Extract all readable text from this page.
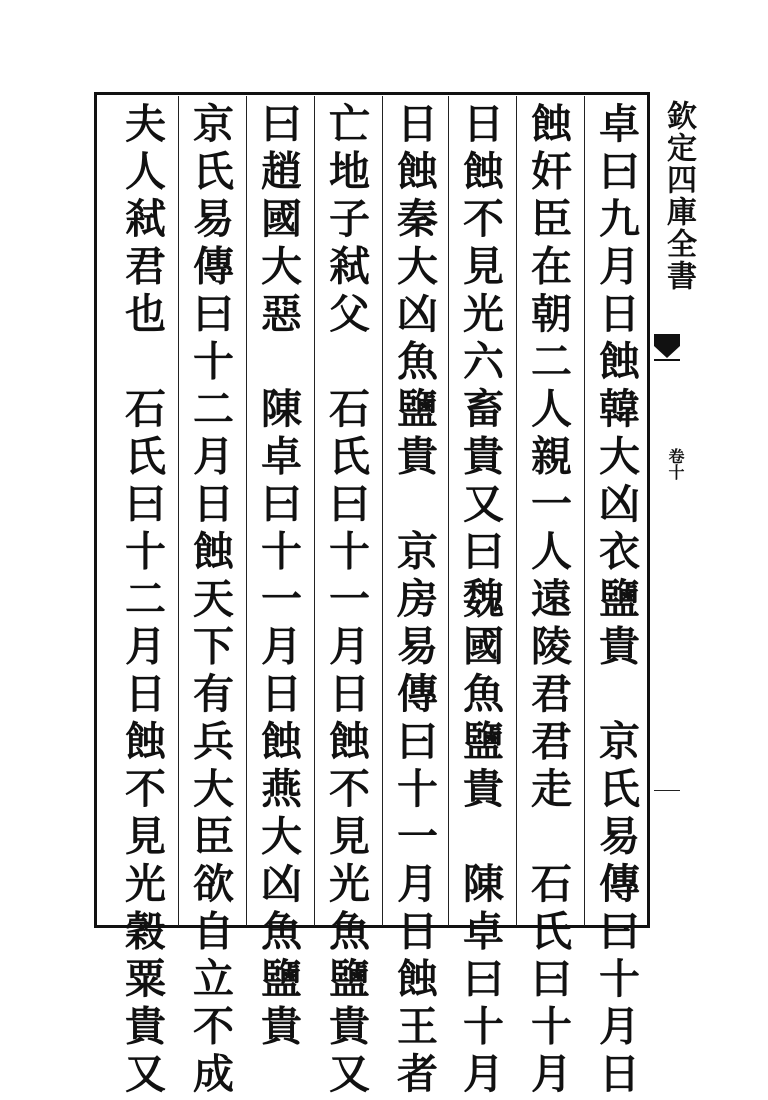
卓曰九月日蝕韓大凶衣鹽貴　京氏易傳曰十月日
蝕奸臣在朝二人親一人遠陵君君走　石氏曰十月
日蝕不見光六畜貴又曰魏國魚鹽貴　陳卓曰十月
日蝕秦大凶魚鹽貴　京房易傳曰十一月日蝕王者
亡地子弒父　石氏曰十一月日蝕不見光魚鹽貴又
曰趙國大惡　陳卓曰十一月日蝕燕大凶魚鹽貴
京氏易傳曰十二月日蝕天下有兵大臣欲自立不成
夫人弒君也　石氏曰十二月日蝕不見光穀粟貴又	欽定四庫全書
卷十
